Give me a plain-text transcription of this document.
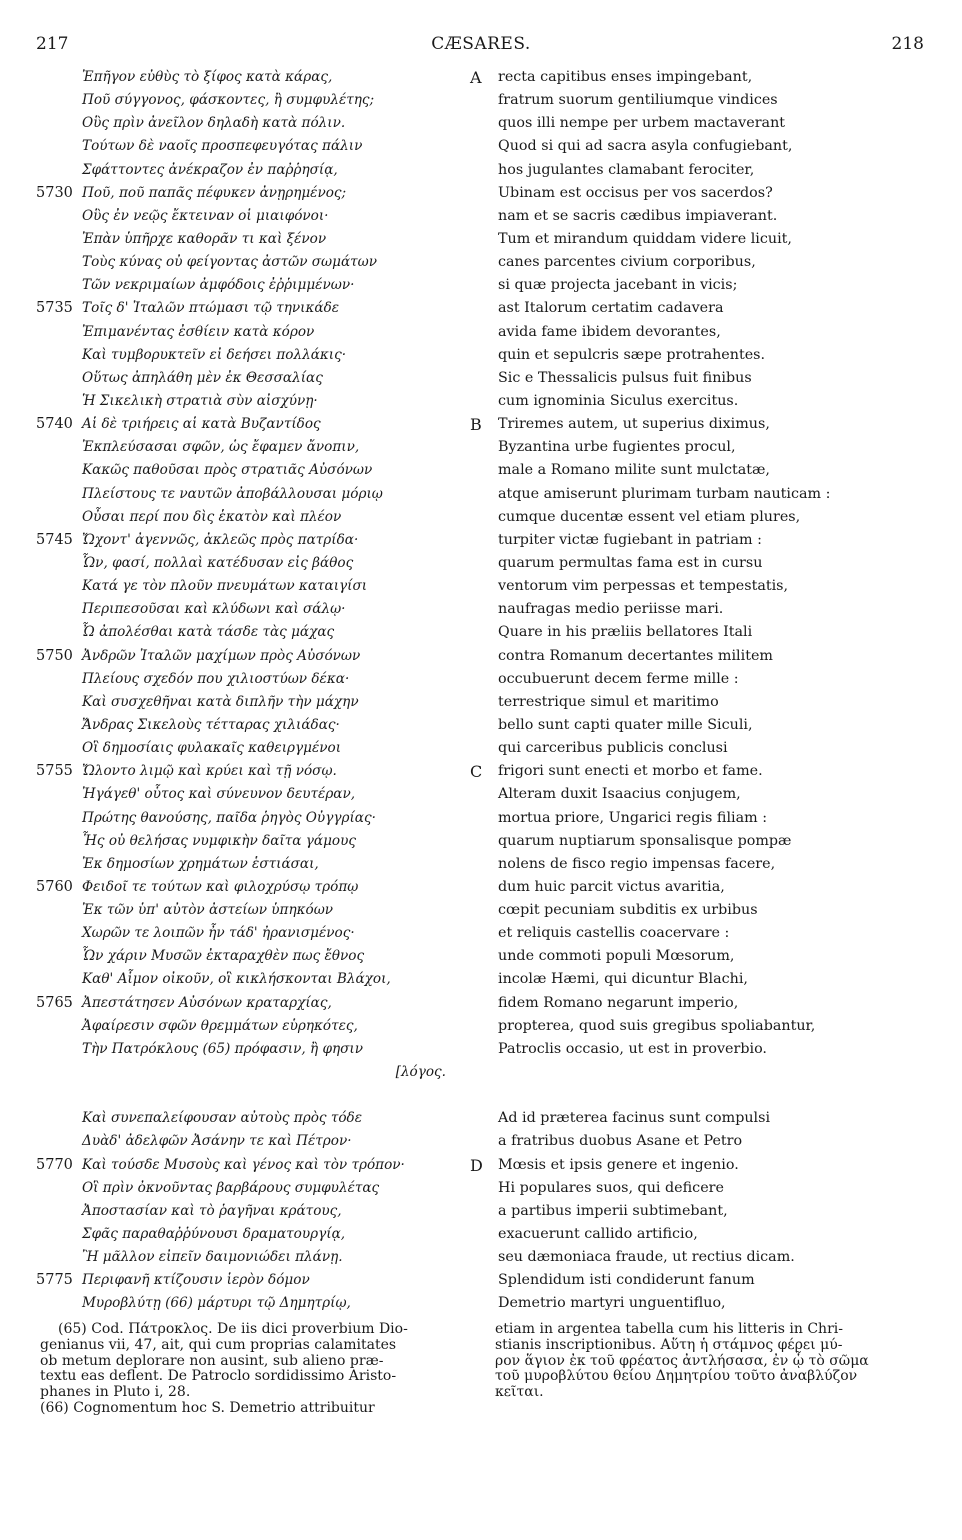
217	CÆSARES.	218
Ἐπῆγον εὐθὺς τὸ ξίφος κατὰ κάρας,
Ποῦ σύγγονος, φάσκοντες, ἢ συμφυλέτης;
Οὓς πρὶν ἀνεῖλον δηλαδὴ κατὰ πόλιν.
Τούτων δὲ ναοῖς προσπεφευγότας πάλιν
Σφάττοντες ἀνέκραζον ἐν παῤῥησίᾳ,
5730 Ποῦ, ποῦ παπᾶς πέφυκεν ἀνῃρημένος;
Οὓς ἐν νεῷς ἔκτειναν οἱ μιαιφόνοι·
Ἐπὰν ὑπῆρχε καθορᾶν τι καὶ ξένον
Τοὺς κύνας οὐ φείγοντας ἀστῶν σωμάτων
Τῶν νεκριμαίων ἀμφόδοις ἐῤῥιμμένων·
5735 Τοῖς δ' Ἰταλῶν πτώμασι τῷ τηνικάδε
Ἐπιμανέντας ἐσθίειν κατὰ κόρον
Καὶ τυμβορυκτεῖν εἰ δεήσει πολλάκις·
Οὕτως ἀπηλάθη μὲν ἐκ Θεσσαλίας
Ἡ Σικελικὴ στρατιὰ σὺν αἰσχύνῃ·
5740 Αἱ δὲ τριήρεις αἱ κατὰ Βυζαντίδος
Ἐκπλεύσασαι σφῶν, ὡς ἔφαμεν ἄνοπιν,
Κακῶς παθοῦσαι πρὸς στρατιᾶς Αὐσόνων
Πλείστους τε ναυτῶν ἀποβάλλουσαι μόριῳ
Οὖσαι περί που δὶς ἑκατὸν καὶ πλέον
5745 Ὤχοντ' ἀγεννῶς, ἀκλεῶς πρὸς πατρίδα·
Ὧν, φασί, πολλαὶ κατέδυσαν εἰς βάθος
Κατά γε τὸν πλοῦν πνευμάτων καταιγίσι
Περιπεσοῦσαι καὶ κλύδωνι καὶ σάλῳ·
Ὦ ἀπολέσθαι κατὰ τάσδε τὰς μάχας
5750 Ἀνδρῶν Ἰταλῶν μαχίμων πρὸς Αὐσόνων
Πλείους σχεδόν που χιλιοστύων δέκα·
Καὶ συσχεθῆναι κατὰ διπλῆν τὴν μάχην
Ἄνδρας Σικελοὺς τέτταρας χιλιάδας·
Οἳ δημοσίαις φυλακαῖς καθειργμένοι
5755 Ὤλοντο λιμῷ καὶ κρύει καὶ τῇ νόσῳ.
Ἠγάγεθ' οὗτος καὶ σύνευνον δευτέραν,
Πρώτης θανούσης, παῖδα ῥηγὸς Οὐγγρίας·
Ἧς οὐ θελήσας νυμφικὴν δαῖτα γάμους
Ἐκ δημοσίων χρημάτων ἑστιάσαι,
5760 Φειδοῖ τε τούτων καὶ φιλοχρύσῳ τρόπῳ
Ἐκ τῶν ὑπ' αὐτὸν ἀστείων ὑπηκόων
Χωρῶν τε λοιπῶν ἦν τάδ' ἠρανισμένος·
Ὧν χάριν Μυσῶν ἐκταραχθὲν πως ἔθνος
Καθ' Αἷμον οἰκοῦν, οἳ κικλήσκονται Βλάχοι,
5765 Ἀπεστάτησεν Αὐσόνων κραταρχίας,
Ἀφαίρεσιν σφῶν θρεμμάτων εὑρηκότες,
Τὴν Πατρόκλους (65) πρόφασιν, ἢ φησιν
[λόγος.
Καὶ συνεπαλείφουσαν αὐτοὺς πρὸς τόδε
Δυὰδ' ἀδελφῶν Ἀσάνην τε καὶ Πέτρον·
5770 Καὶ τούσδε Μυσοὺς καὶ γένος καὶ τὸν τρόπον·
Οἳ πρὶν ὀκνοῦντας βαρβάρους συμφυλέτας
Ἀποστασίαν καὶ τὸ ῥαγῆναι κράτους,
Σφᾶς παραθαῤῥύνουσι δραματουργίᾳ,
Ἢ μᾶλλον εἰπεῖν δαιμονιώδει πλάνῃ.
5775 Περιφανῆ κτίζουσιν ἱερὸν δόμον
Μυροβλύτῃ (66) μάρτυρι τῷ Δημητρίῳ,
A recta capitibus enses impingebant,
fratrum suorum gentiliumque vindices
quos illi nempe per urbem mactaverant
Quod si qui ad sacra asyla confugiebant,
hos jugulantes clamabant ferociter,
Ubinam est occisus per vos sacerdos?
nam et se sacris cædibus impiaverant.
Tum et mirandum quiddam videre licuit,
canes parcentes civium corporibus,
si quæ projecta jacebant in vicis;
ast Italorum certatim cadavera
avida fame ibidem devorantes,
quin et sepulcris sæpe protrahentes.
Sic e Thessalicis pulsus fuit finibus
cum ignominia Siculus exercitus.
B Triremes autem, ut superius diximus,
Byzantina urbe fugientes procul,
male a Romano milite sunt mulctatæ,
atque amiserunt plurimam turbam nauticam :
cumque ducentæ essent vel etiam plures,
turpiter victæ fugiebant in patriam :
quarum permultas fama est in cursu
ventorum vim perpessas et tempestatis,
naufragas medio periisse mari.
Quare in his præliis bellatores Itali
contra Romanum decertantes militem
occubuerunt decem ferme mille :
terrestrique simul et maritimo
bello sunt capti quater mille Siculi,
qui carceribus publicis conclusi
C frigori sunt enecti et morbo et fame.
Alteram duxit Isaacius conjugem,
mortua priore, Ungarici regis filiam :
quarum nuptiarum sponsalisque pompæ
nolens de fisco regio impensas facere,
dum huic parcit victus avaritia,
cœpit pecuniam subditis ex urbibus
et reliquis castellis coacervare :
unde commoti populi Mœsorum,
incolæ Hæmi, qui dicuntur Blachi,
fidem Romano negarunt imperio,
propterea, quod suis gregibus spoliabantur,
Patroclis occasio, ut est in proverbio.
Ad id præterea facinus sunt compulsi
a fratribus duobus Asane et Petro
D Mœsis et ipsis genere et ingenio.
Hi populares suos, qui deficere
a partibus imperii subtimebant,
exacuerunt callido artificio,
seu dæmoniaca fraude, ut rectius dicam.
Splendidum isti condiderunt fanum
Demetrio martyri unguentifluo,
(65) Cod. Πάτροκλος. De iis dici proverbium Dio-
genianus vii, 47, ait, qui cum proprias calamitates
ob metum deplorare non ausint, sub alieno præ-
textu eas deflent. De Patroclo sordidissimo Aristo-
phanes in Pluto i, 28.
(66) Cognomentum hoc S. Demetrio attribuitur
etiam in argentea tabella cum his litteris in Chri-
stianis inscriptionibus. Αὕτη ἡ στάμνος φέρει μύ-
ρον ἅγιον ἐκ τοῦ φρέατος ἀντλήσασα, ἐν ᾧ τὸ σῶμα
τοῦ μυροβλύτου θείου Δημητρίου τοῦτο ἀναβλύζον
κεῖται.
